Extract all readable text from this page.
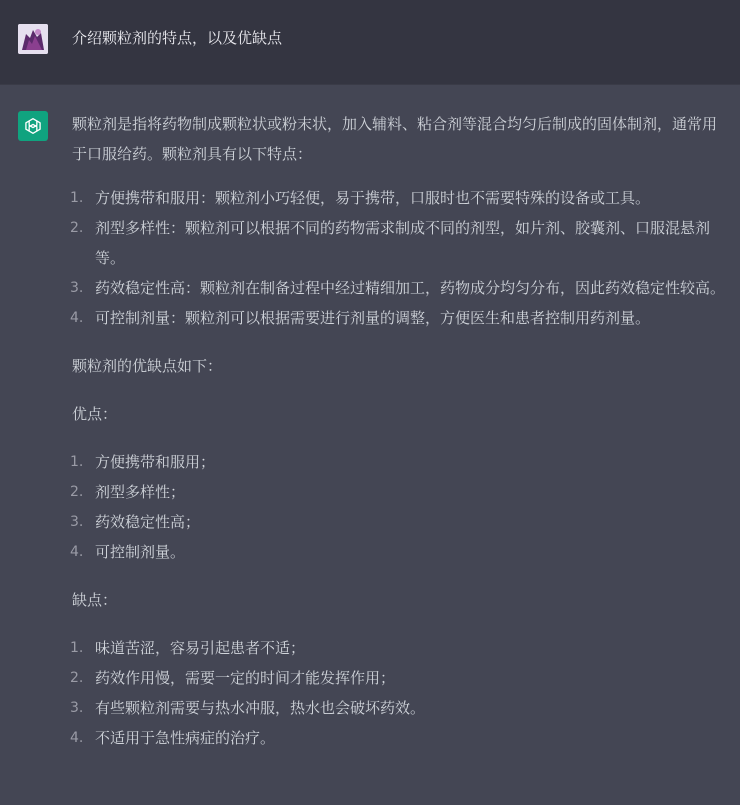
介绍颗粒剂的特点，以及优缺点

颗粒剂是指将药物制成颗粒状或粉末状，加入辅料、粘合剂等混合均匀后制成的固体制剂，通常用于口服给药。颗粒剂具有以下特点：

1. 方便携带和服用：颗粒剂小巧轻便，易于携带，口服时也不需要特殊的设备或工具。
2. 剂型多样性：颗粒剂可以根据不同的药物需求制成不同的剂型，如片剂、胶囊剂、口服混悬剂等。
3. 药效稳定性高：颗粒剂在制备过程中经过精细加工，药物成分均匀分布，因此药效稳定性较高。
4. 可控制剂量：颗粒剂可以根据需要进行剂量的调整，方便医生和患者控制用药剂量。

颗粒剂的优缺点如下：

优点：

1. 方便携带和服用；
2. 剂型多样性；
3. 药效稳定性高；
4. 可控制剂量。

缺点：

1. 味道苦涩，容易引起患者不适；
2. 药效作用慢，需要一定的时间才能发挥作用；
3. 有些颗粒剂需要与热水冲服，热水也会破坏药效。
4. 不适用于急性病症的治疗。
